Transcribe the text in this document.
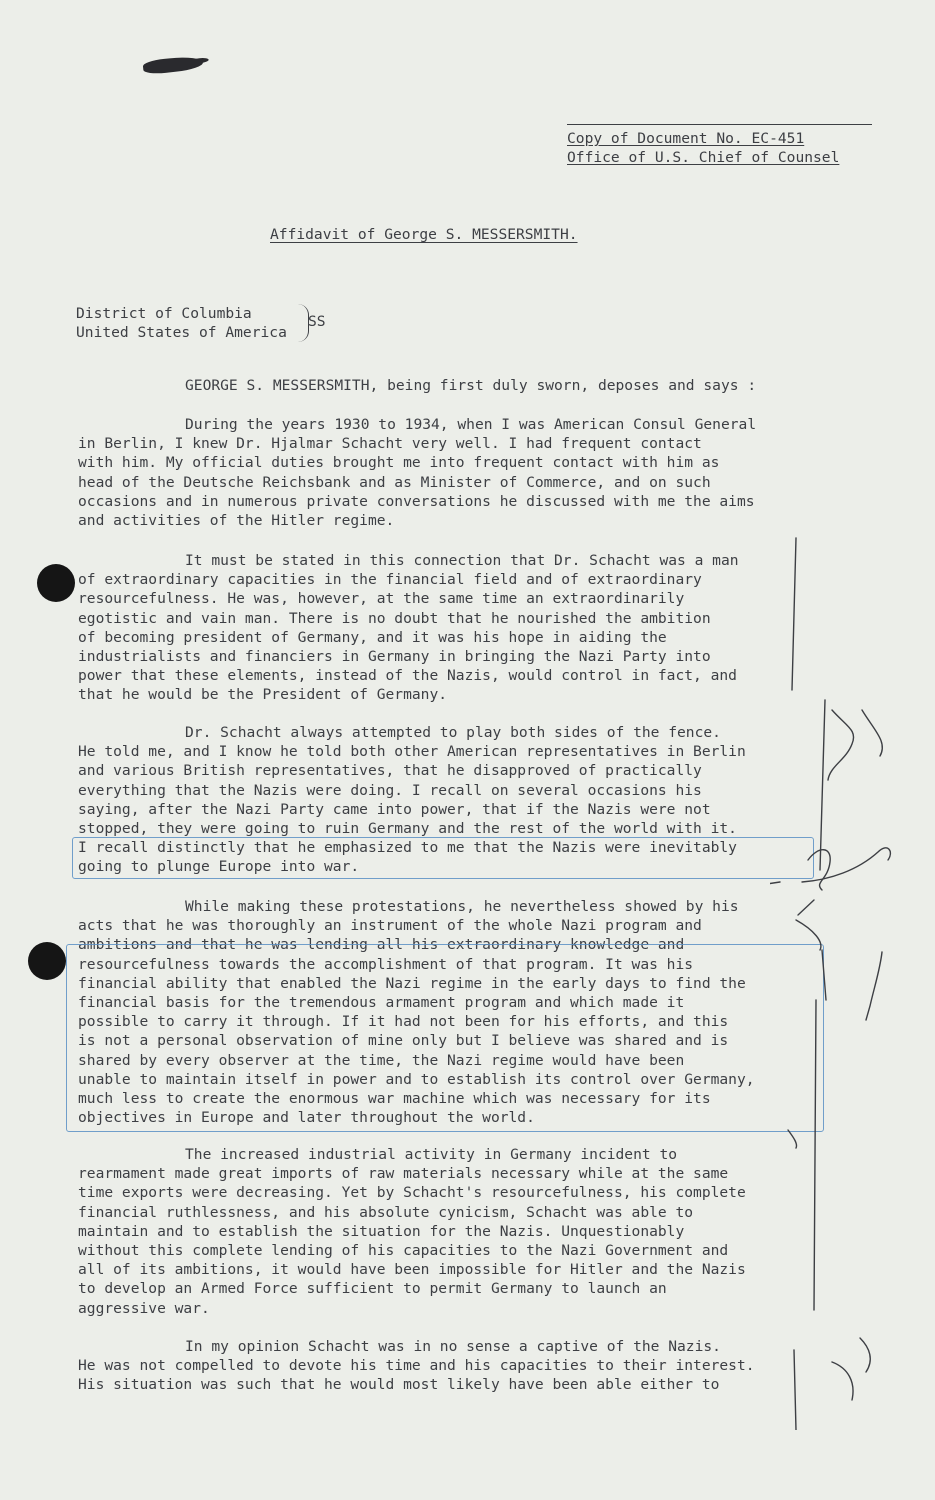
Copy of Document No. EC-451
Office of U.S. Chief of Counsel
Affidavit of George S. MESSERSMITH.
District of Columbia
United States of America
SS
GEORGE S. MESSERSMITH, being first duly sworn, deposes and says :
During the years 1930 to 1934, when I was American Consul General
in Berlin, I knew Dr. Hjalmar Schacht very well. I had frequent contact
with him. My official duties brought me into frequent contact with him as
head of the Deutsche Reichsbank and as Minister of Commerce, and on such
occasions and in numerous private conversations he discussed with me the aims
and activities of the Hitler regime.
It must be stated in this connection that Dr. Schacht was a man
of extraordinary capacities in the financial field and of extraordinary
resourcefulness. He was, however, at the same time an extraordinarily
egotistic and vain man. There is no doubt that he nourished the ambition
of becoming president of Germany, and it was his hope in aiding the
industrialists and financiers in Germany in bringing the Nazi Party into
power that these elements, instead of the Nazis, would control in fact, and
that he would be the President of Germany.
Dr. Schacht always attempted to play both sides of the fence.
He told me, and I know he told both other American representatives in Berlin
and various British representatives, that he disapproved of practically
everything that the Nazis were doing. I recall on several occasions his
saying, after the Nazi Party came into power, that if the Nazis were not
stopped, they were going to ruin Germany and the rest of the world with it.
I recall distinctly that he emphasized to me that the Nazis were inevitably
going to plunge Europe into war.
While making these protestations, he nevertheless showed by his
acts that he was thoroughly an instrument of the whole Nazi program and
ambitions and that he was lending all his extraordinary knowledge and
resourcefulness towards the accomplishment of that program. It was his
financial ability that enabled the Nazi regime in the early days to find the
financial basis for the tremendous armament program and which made it
possible to carry it through. If it had not been for his efforts, and this
is not a personal observation of mine only but I believe was shared and is
shared by every observer at the time, the Nazi regime would have been
unable to maintain itself in power and to establish its control over Germany,
much less to create the enormous war machine which was necessary for its
objectives in Europe and later throughout the world.
The increased industrial activity in Germany incident to
rearmament made great imports of raw materials necessary while at the same
time exports were decreasing. Yet by Schacht's resourcefulness, his complete
financial ruthlessness, and his absolute cynicism, Schacht was able to
maintain and to establish the situation for the Nazis. Unquestionably
without this complete lending of his capacities to the Nazi Government and
all of its ambitions, it would have been impossible for Hitler and the Nazis
to develop an Armed Force sufficient to permit Germany to launch an
aggressive war.
In my opinion Schacht was in no sense a captive of the Nazis.
He was not compelled to devote his time and his capacities to their interest.
His situation was such that he would most likely have been able either to
